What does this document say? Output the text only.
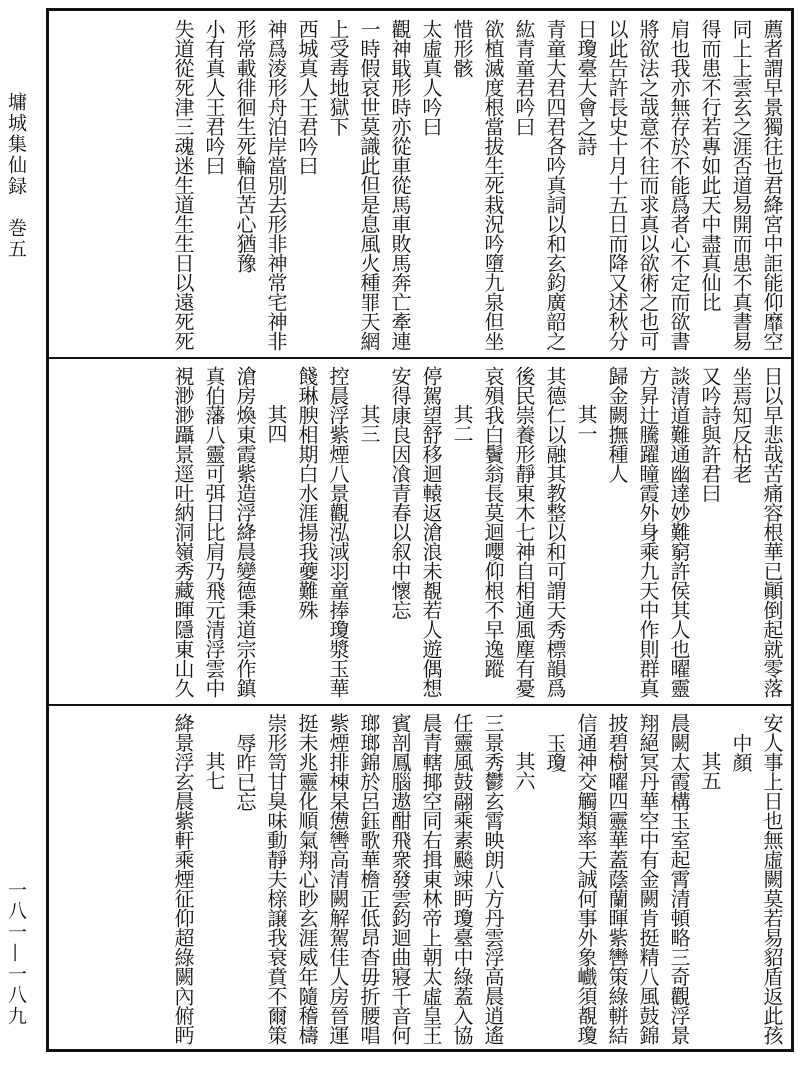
墉城集仙録　巻五
一八一—一八九
薦者謂早景獨往也君絳宮中詎能仰靡空
同上上雲玄之涯否道易開而患不真書易
得而患不行若專如此天中盡真仙比
肩也我亦無存於不能爲者心不定而欲書
將欲法之哉意不往而求真以欲術之也可
以此告許長史十月十五日而降又述秋分
日瓊臺大會之詩
青童大君四君各吟真詞以和玄鈞廣韶之
紘青童君吟曰
欲植滅度根當拔生死栽況吟墮九泉但坐
惜形骸
太虛真人吟曰
觀神戢形時亦從車從馬車敗馬奔亡牽連
一時假哀世莫識此但是息風火種罪天網
上受毒地獄下
西城真人王君吟曰
神爲淩形舟泊岸當別去形非神常宅神非
形常載徘徊生死輪但苦心猶豫
小有真人王君吟曰
失道從死津三魂迷生道生生日以遠死死
日以早悲哉苦痛容根華已顚倒起就零落
坐焉知反枯老
又吟詩與許君曰
談清道難通幽達妙難窮許侯其人也曜靈
方昇辻騰躍瞳霞外身乘九天中作則群真
歸金闕撫種人
其一
其德仁以融其教整以和可謂天秀標韻爲
後民崇養形靜東木七神自相通風塵有憂
哀殞我白鬢翁長莫迴嚶仰根不早逸蹤
其二
停駕望舒移迴轅返滄浪未覩若人遊偶想
安得康良因飡青春以叙中懷忘
其三
控晨浮紫煙八景觀泓淢羽童捧瓊漿玉華
餞琳腴相期白水涯揚我䕫難殊
其四
滄房煥東霞紫造浮絳晨變德秉道宗作鎮
真伯藩八靈可弭日比肩乃飛元清浮雲中
視渺渺躡景逕吐納洞嶺秀藏暉隱東山久
安人事上日也無虛闕莫若易貂盾返此孩
中顏
其五
晨闕太霞構玉室起霄清頓略三奇觀浮景
翔絕冥丹華空中有金闕肯挺精八風鼓錦
披碧樹曜四靈華蓋蔭蘭暉紫轡策綠軿結
信通神交觸類率天誠何事外象巇須覩瓊
玉瓊
其六
三景秀鬱玄霄映朗八方丹雲浮高晨逍遙
任靈風鼓翮乘素飈竦眄瓊臺中綠蓋入協
晨青轄揶空同右揖東林帝上朝太虛皇王
賓剖鳳腦遨酣飛衆發雲鈞迴曲寢千音何
瑯瑯錦於呂鈺歌華檐正低昂杳毋折腰唱
紫煙排棟杲憊轡高清闕解駕佳人房晉運
挺未兆靈化順氣翔心眇玄涯威年隨稽檮
崇形笥甘臭味動靜夫榇譲我衰賁不爾策
辱昨已忘
其七
絳景浮玄晨紫軒乘煙征仰超綠闕內俯眄
